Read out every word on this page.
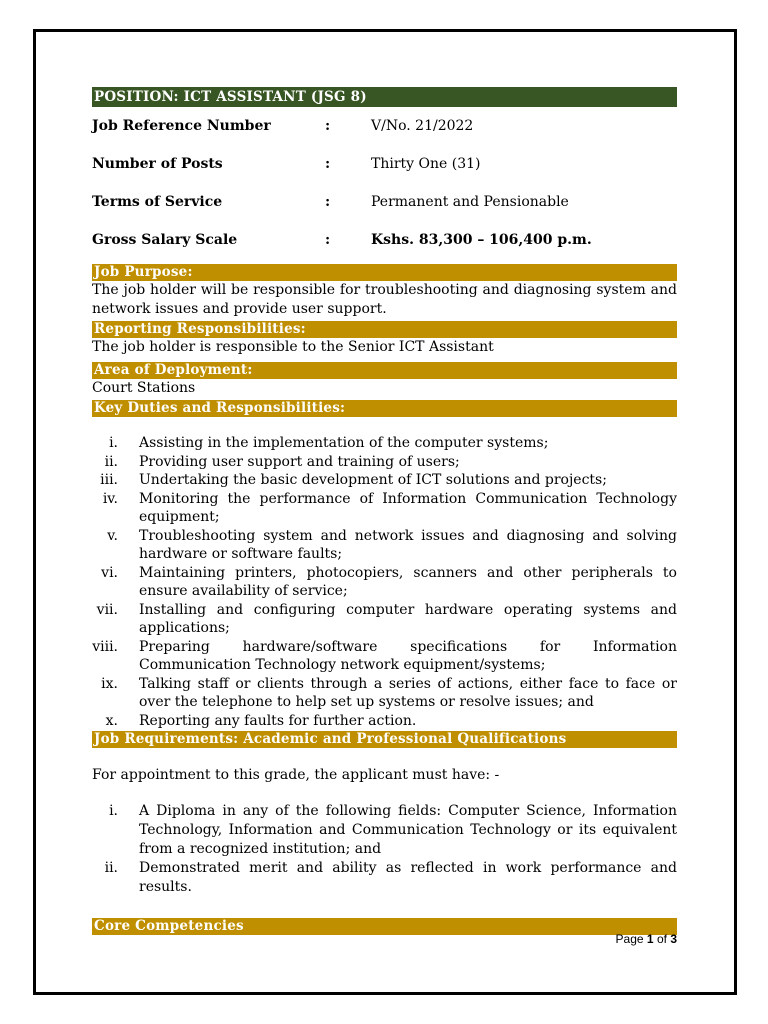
POSITION: ICT ASSISTANT (JSG 8)
Job Reference Number	:	V/No. 21/2022
Number of Posts	:	Thirty One (31)
Terms of Service	:	Permanent and Pensionable
Gross Salary Scale	:	Kshs. 83,300 – 106,400 p.m.
Job Purpose:
The job holder will be responsible for troubleshooting and diagnosing system and network issues and provide user support.
Reporting Responsibilities:
The job holder is responsible to the Senior ICT Assistant
Area of Deployment:
Court Stations
Key Duties and Responsibilities:
i. Assisting in the implementation of the computer systems;
ii. Providing user support and training of users;
iii. Undertaking the basic development of ICT solutions and projects;
iv. Monitoring the performance of Information Communication Technology equipment;
v. Troubleshooting system and network issues and diagnosing and solving hardware or software faults;
vi. Maintaining printers, photocopiers, scanners and other peripherals to ensure availability of service;
vii. Installing and configuring computer hardware operating systems and applications;
viii. Preparing hardware/software specifications for Information Communication Technology network equipment/systems;
ix. Talking staff or clients through a series of actions, either face to face or over the telephone to help set up systems or resolve issues; and
x. Reporting any faults for further action.
Job Requirements: Academic and Professional Qualifications
For appointment to this grade, the applicant must have: -
i. A Diploma in any of the following fields: Computer Science, Information Technology, Information and Communication Technology or its equivalent from a recognized institution; and
ii. Demonstrated merit and ability as reflected in work performance and results.
Core Competencies
Page 1 of 3
